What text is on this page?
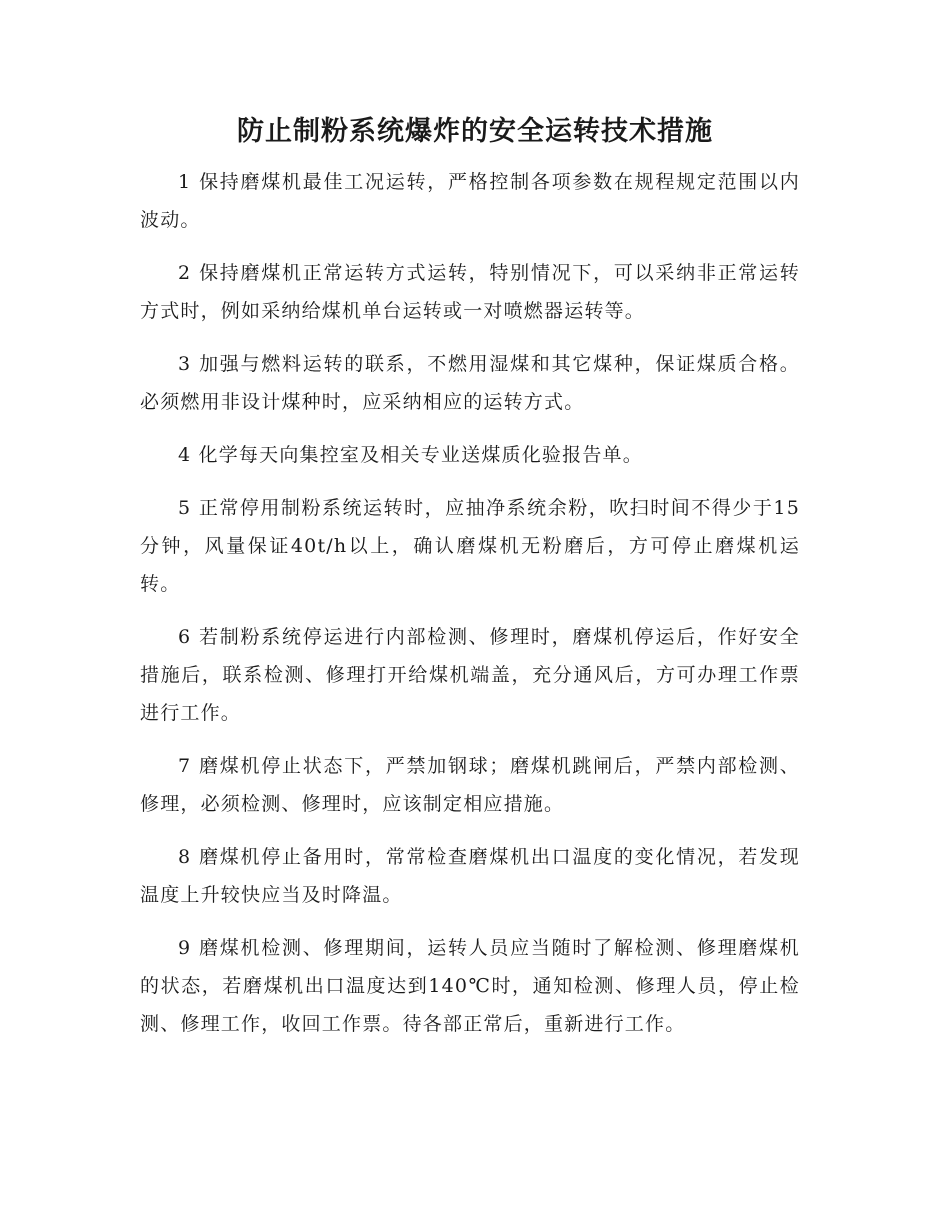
防止制粉系统爆炸的安全运转技术措施

1 保持磨煤机最佳工况运转，严格控制各项参数在规程规定范围以内波动。

2 保持磨煤机正常运转方式运转，特别情况下，可以采纳非正常运转方式时，例如采纳给煤机单台运转或一对喷燃器运转等。

3 加强与燃料运转的联系，不燃用湿煤和其它煤种，保证煤质合格。必须燃用非设计煤种时，应采纳相应的运转方式。

4 化学每天向集控室及相关专业送煤质化验报告单。

5 正常停用制粉系统运转时，应抽净系统余粉，吹扫时间不得少于15分钟，风量保证40t/h以上，确认磨煤机无粉磨后，方可停止磨煤机运转。

6 若制粉系统停运进行内部检测、修理时，磨煤机停运后，作好安全措施后，联系检测、修理打开给煤机端盖，充分通风后，方可办理工作票进行工作。

7 磨煤机停止状态下，严禁加钢球；磨煤机跳闸后，严禁内部检测、修理，必须检测、修理时，应该制定相应措施。

8 磨煤机停止备用时，常常检查磨煤机出口温度的变化情况，若发现温度上升较快应当及时降温。

9 磨煤机检测、修理期间，运转人员应当随时了解检测、修理磨煤机的状态，若磨煤机出口温度达到140℃时，通知检测、修理人员，停止检测、修理工作，收回工作票。待各部正常后，重新进行工作。
